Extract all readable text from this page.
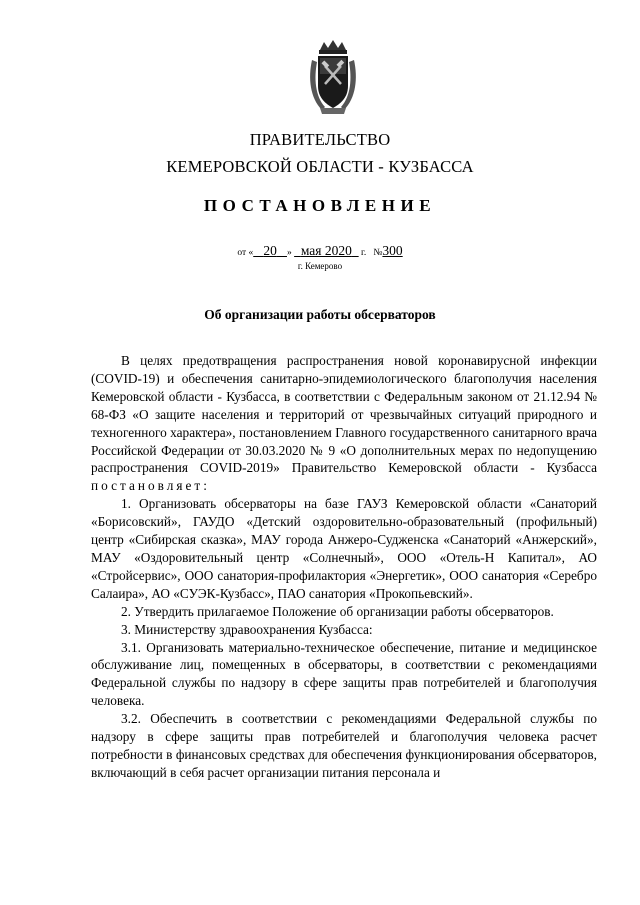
ПРАВИТЕЛЬСТВО
КЕМЕРОВСКОЙ ОБЛАСТИ - КУЗБАССА
ПОСТАНОВЛЕНИЕ
от « 20 » мая 2020 г. №300
г. Кемерово
Об организации работы обсерваторов

В целях предотвращения распространения новой коронавирусной инфекции (COVID-19) и обеспечения санитарно-эпидемиологического благополучия населения Кемеровской области - Кузбасса, в соответствии с Федеральным законом от 21.12.94 № 68-ФЗ «О защите населения и территорий от чрезвычайных ситуаций природного и техногенного характера», постановлением Главного государственного санитарного врача Российской Федерации от 30.03.2020 № 9 «О дополнительных мерах по недопущению распространения COVID-2019» Правительство Кемеровской области - Кузбасса постановляет:

1. Организовать обсерваторы на базе ГАУЗ Кемеровской области «Санаторий «Борисовский», ГАУДО «Детский оздоровительно-образовательный (профильный) центр «Сибирская сказка», МАУ города Анжеро-Судженска «Санаторий «Анжерский», МАУ «Оздоровительный центр «Солнечный», ООО «Отель-Н Капитал», АО «Стройсервис», ООО санатория-профилактория «Энергетик», ООО санатория «Серебро Салаира», АО «СУЭК-Кузбасс», ПАО санатория «Прокопьевский».

2. Утвердить прилагаемое Положение об организации работы обсерваторов.

3. Министерству здравоохранения Кузбасса:

3.1. Организовать материально-техническое обеспечение, питание и медицинское обслуживание лиц, помещенных в обсерваторы, в соответствии с рекомендациями Федеральной службы по надзору в сфере защиты прав потребителей и благополучия человека.

3.2. Обеспечить в соответствии с рекомендациями Федеральной службы по надзору в сфере защиты прав потребителей и благополучия человека расчет потребности в финансовых средствах для обеспечения функционирования обсерваторов, включающий в себя расчет организации питания персонала и
